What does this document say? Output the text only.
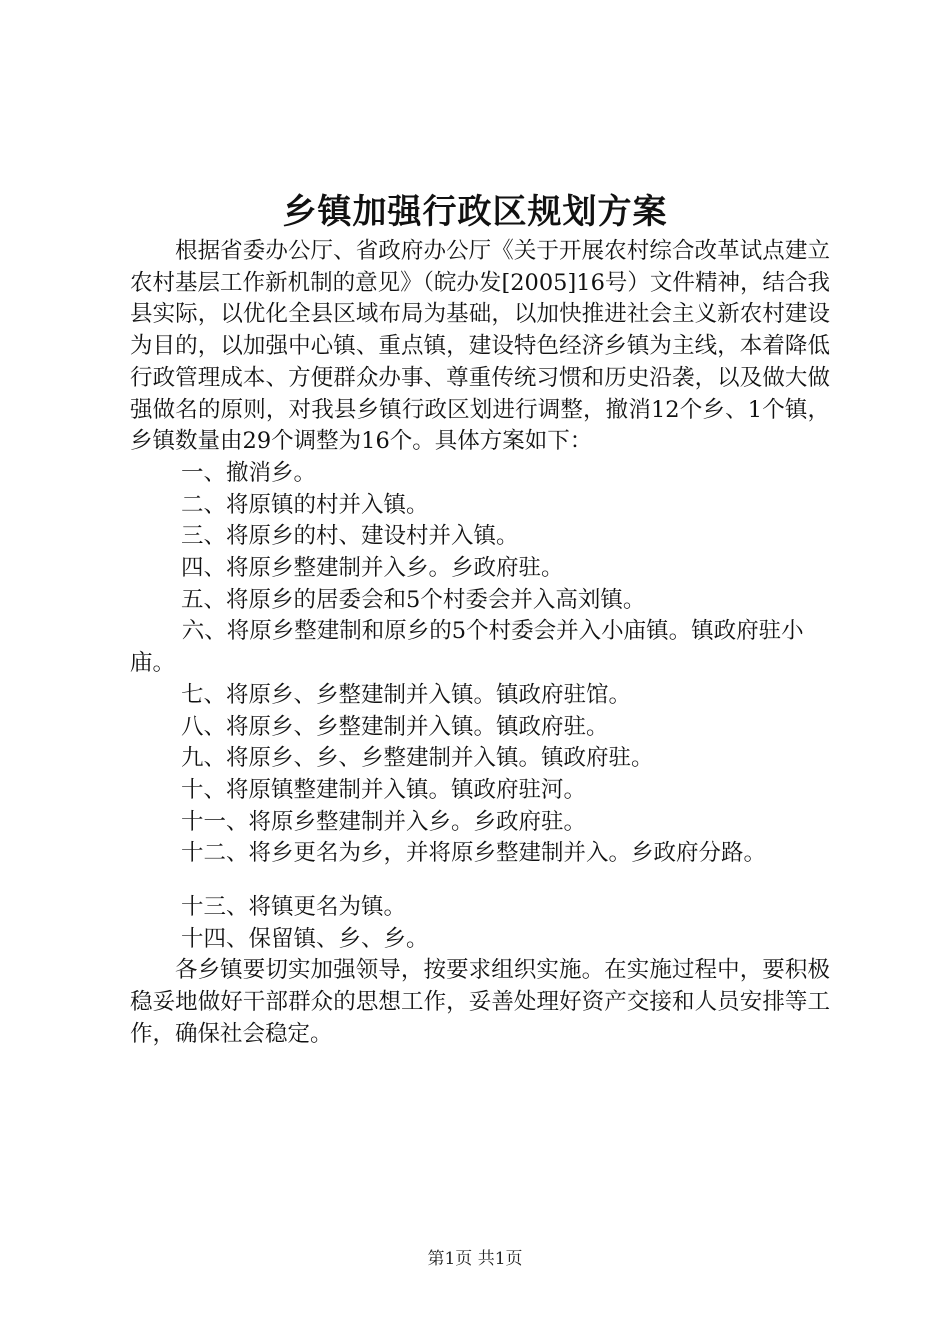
乡镇加强行政区规划方案

根据省委办公厅、省政府办公厅《关于开展农村综合改革试点建立农村基层工作新机制的意见》（皖办发[2005]16号）文件精神，结合我县实际，以优化全县区域布局为基础，以加快推进社会主义新农村建设为目的，以加强中心镇、重点镇，建设特色经济乡镇为主线，本着降低行政管理成本、方便群众办事、尊重传统习惯和历史沿袭，以及做大做强做名的原则，对我县乡镇行政区划进行调整，撤消12个乡、1个镇，乡镇数量由29个调整为16个。具体方案如下：

一、撤消乡。

二、将原镇的村并入镇。

三、将原乡的村、建设村并入镇。

四、将原乡整建制并入乡。乡政府驻。

五、将原乡的居委会和5个村委会并入高刘镇。

六、将原乡整建制和原乡的5个村委会并入小庙镇。镇政府驻小庙。

七、将原乡、乡整建制并入镇。镇政府驻馆。

八、将原乡、乡整建制并入镇。镇政府驻。

九、将原乡、乡、乡整建制并入镇。镇政府驻。

十、将原镇整建制并入镇。镇政府驻河。

十一、将原乡整建制并入乡。乡政府驻。

十二、将乡更名为乡，并将原乡整建制并入。乡政府分路。

十三、将镇更名为镇。

十四、保留镇、乡、乡。

各乡镇要切实加强领导，按要求组织实施。在实施过程中，要积极稳妥地做好干部群众的思想工作，妥善处理好资产交接和人员安排等工作，确保社会稳定。

第1页 共1页
